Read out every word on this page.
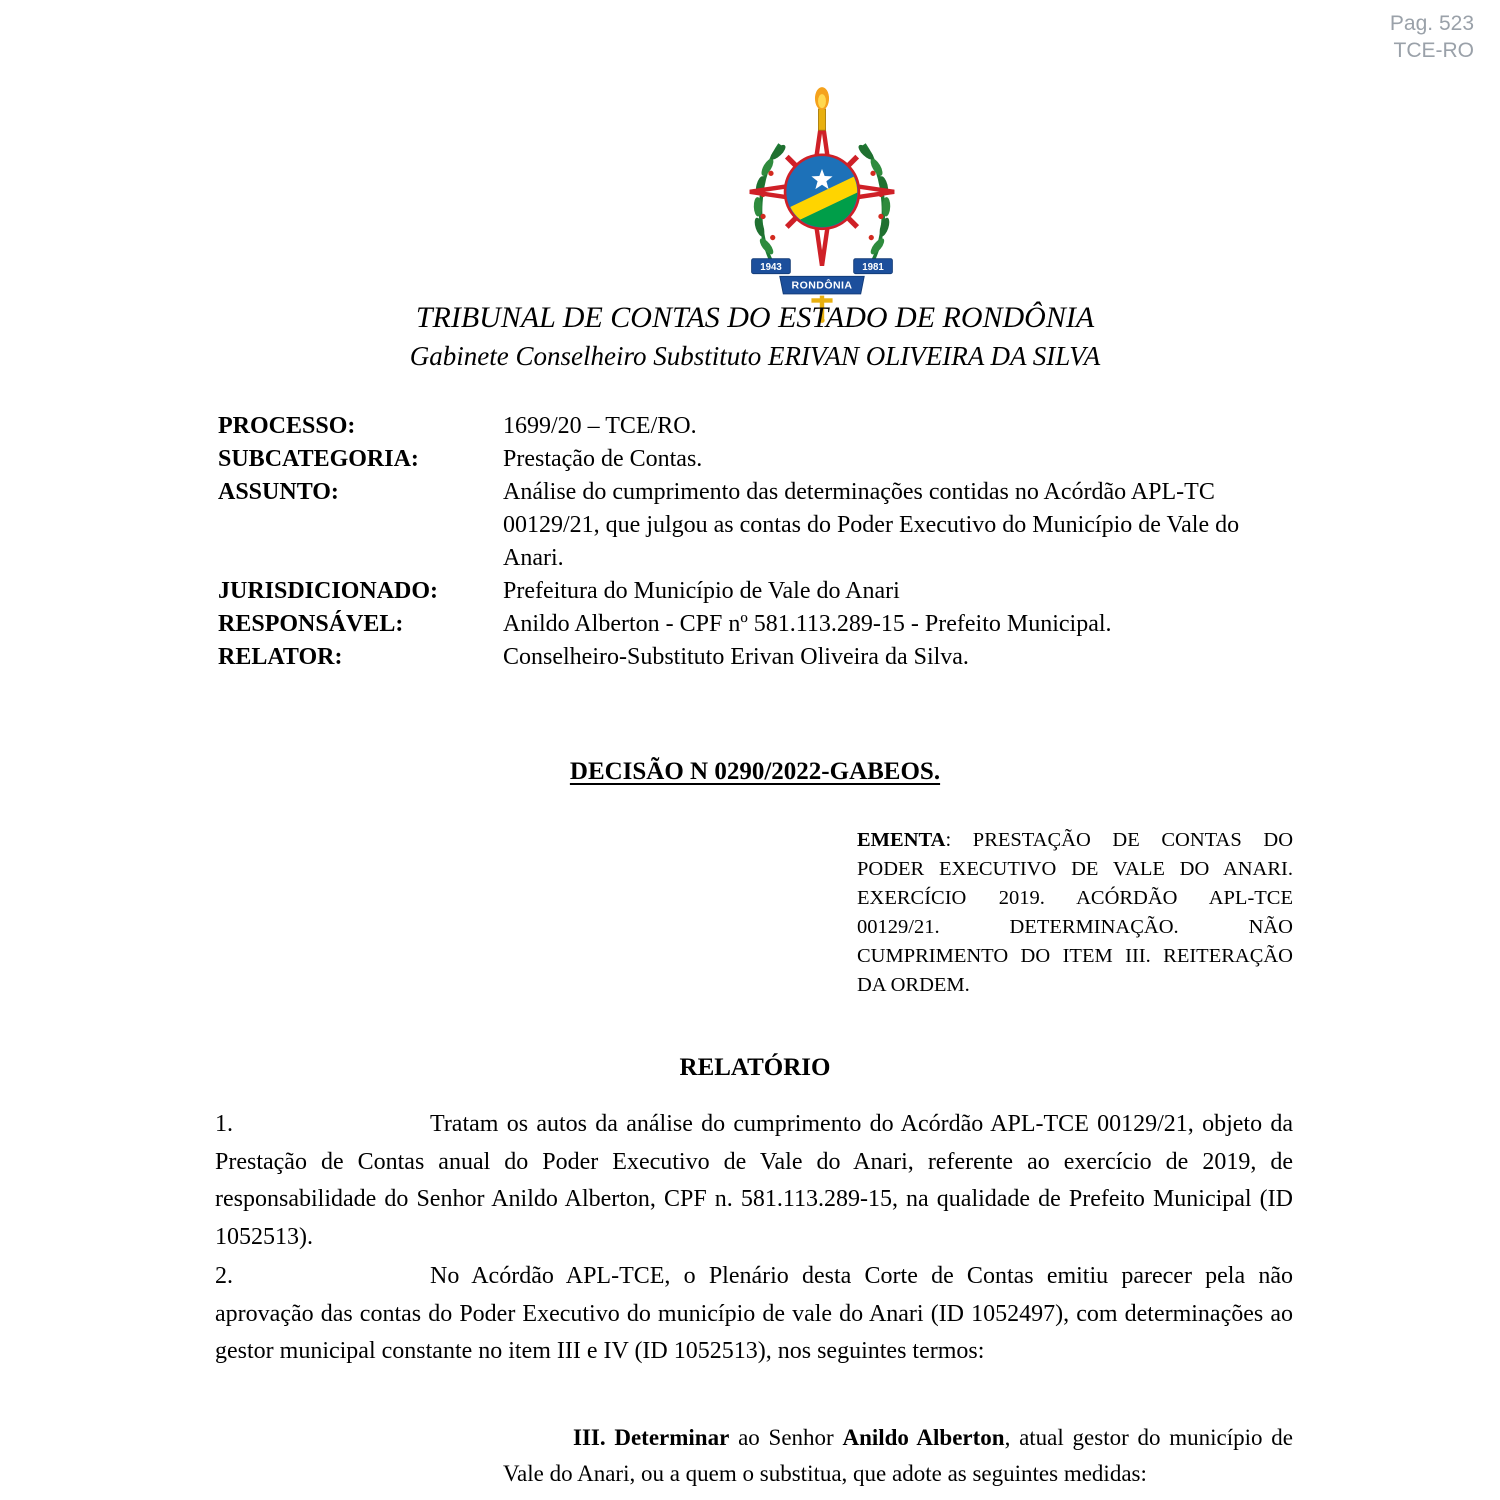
Pag. 523
TCE-RO
1943	1981
RONDÔNIA
TRIBUNAL DE CONTAS DO ESTADO DE RONDÔNIA
Gabinete Conselheiro Substituto ERIVAN OLIVEIRA DA SILVA
PROCESSO:	1699/20 – TCE/RO.
SUBCATEGORIA:	Prestação de Contas.
ASSUNTO:	Análise do cumprimento das determinações contidas no Acórdão APL-TC 00129/21, que julgou as contas do Poder Executivo do Município de Vale do Anari.
JURISDICIONADO:	Prefeitura do Município de Vale do Anari
RESPONSÁVEL:	Anildo Alberton - CPF nº 581.113.289-15 - Prefeito Municipal.
RELATOR:	Conselheiro-Substituto Erivan Oliveira da Silva.
DECISÃO N 0290/2022-GABEOS.
EMENTA: PRESTAÇÃO DE CONTAS DO PODER EXECUTIVO DE VALE DO ANARI. EXERCÍCIO 2019. ACÓRDÃO APL-TCE 00129/21. DETERMINAÇÃO. NÃO CUMPRIMENTO DO ITEM III. REITERAÇÃO DA ORDEM.
RELATÓRIO
1.	Tratam os autos da análise do cumprimento do Acórdão APL-TCE 00129/21, objeto da Prestação de Contas anual do Poder Executivo de Vale do Anari, referente ao exercício de 2019, de responsabilidade do Senhor Anildo Alberton, CPF n. 581.113.289-15, na qualidade de Prefeito Municipal (ID 1052513).
2.	No Acórdão APL-TCE, o Plenário desta Corte de Contas emitiu parecer pela não aprovação das contas do Poder Executivo do município de vale do Anari (ID 1052497), com determinações ao gestor municipal constante no item III e IV (ID 1052513), nos seguintes termos:
III. Determinar ao Senhor Anildo Alberton, atual gestor do município de Vale do Anari, ou a quem o substitua, que adote as seguintes medidas:
